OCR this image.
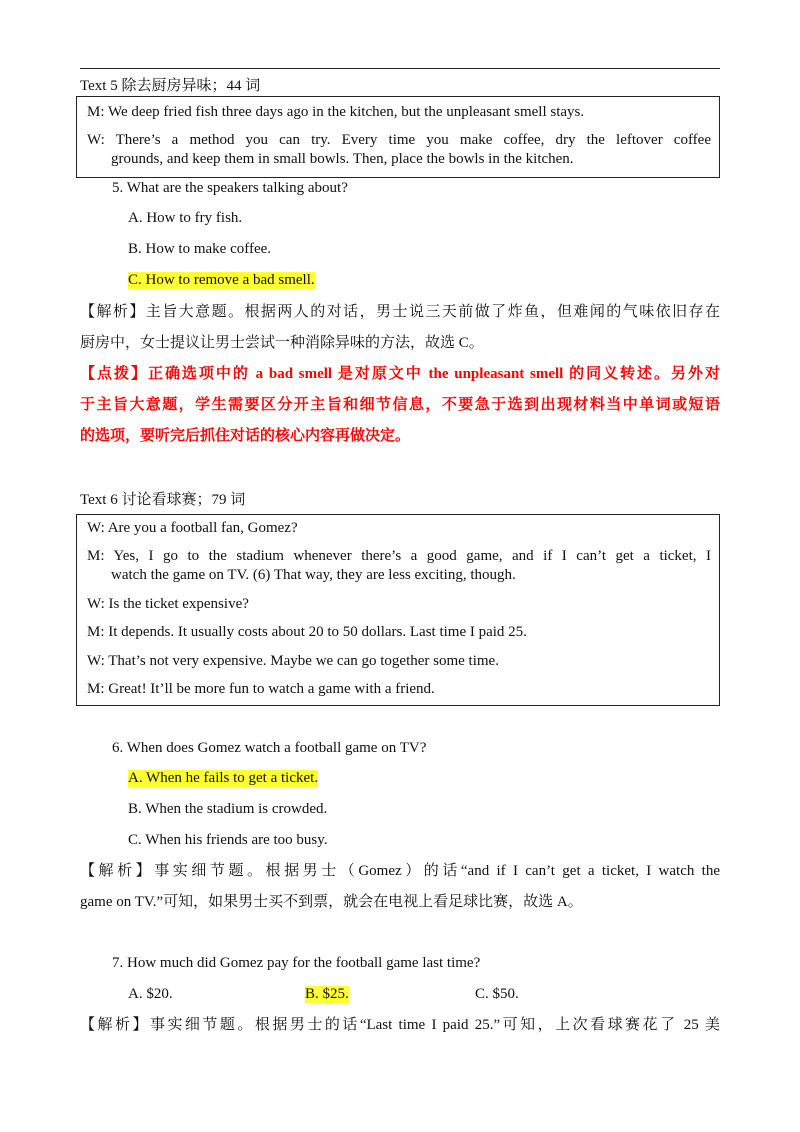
Text 5 除去厨房异味；44 词
M: We deep fried fish three days ago in the kitchen, but the unpleasant smell stays.
W: There’s a method you can try. Every time you make coffee, dry the leftover coffee
grounds, and keep them in small bowls. Then, place the bowls in the kitchen.
5. What are the speakers talking about?
A. How to fry fish.
B. How to make coffee.
C. How to remove a bad smell.
【解析】主旨大意题。根据两人的对话，男士说三天前做了炸鱼，但难闻的气味依旧存在
厨房中，女士提议让男士尝试一种消除异味的方法，故选 C。
【点拨】正确选项中的 a bad smell 是对原文中 the unpleasant smell 的同义转述。另外对
于主旨大意题，学生需要区分开主旨和细节信息，不要急于选到出现材料当中单词或短语
的选项，要听完后抓住对话的核心内容再做决定。
Text 6 讨论看球赛；79 词
W: Are you a football fan, Gomez?
M: Yes, I go to the stadium whenever there’s a good game, and if I can’t get a ticket, I
watch the game on TV. (6) That way, they are less exciting, though.
W: Is the ticket expensive?
M: It depends. It usually costs about 20 to 50 dollars. Last time I paid 25.
W: That’s not very expensive. Maybe we can go together some time.
M: Great! It’ll be more fun to watch a game with a friend.
6. When does Gomez watch a football game on TV?
A. When he fails to get a ticket.
B. When the stadium is crowded.
C. When his friends are too busy.
【解析】事实细节题。根据男士（Gomez）的话“and if I can’t get a ticket, I watch the
game on TV.”可知，如果男士买不到票，就会在电视上看足球比赛，故选 A。
7. How much did Gomez pay for the football game last time?
A. $20.	B. $25.	C. $50.
【解析】事实细节题。根据男士的话“Last time I paid 25.”可知，上次看球赛花了 25 美
